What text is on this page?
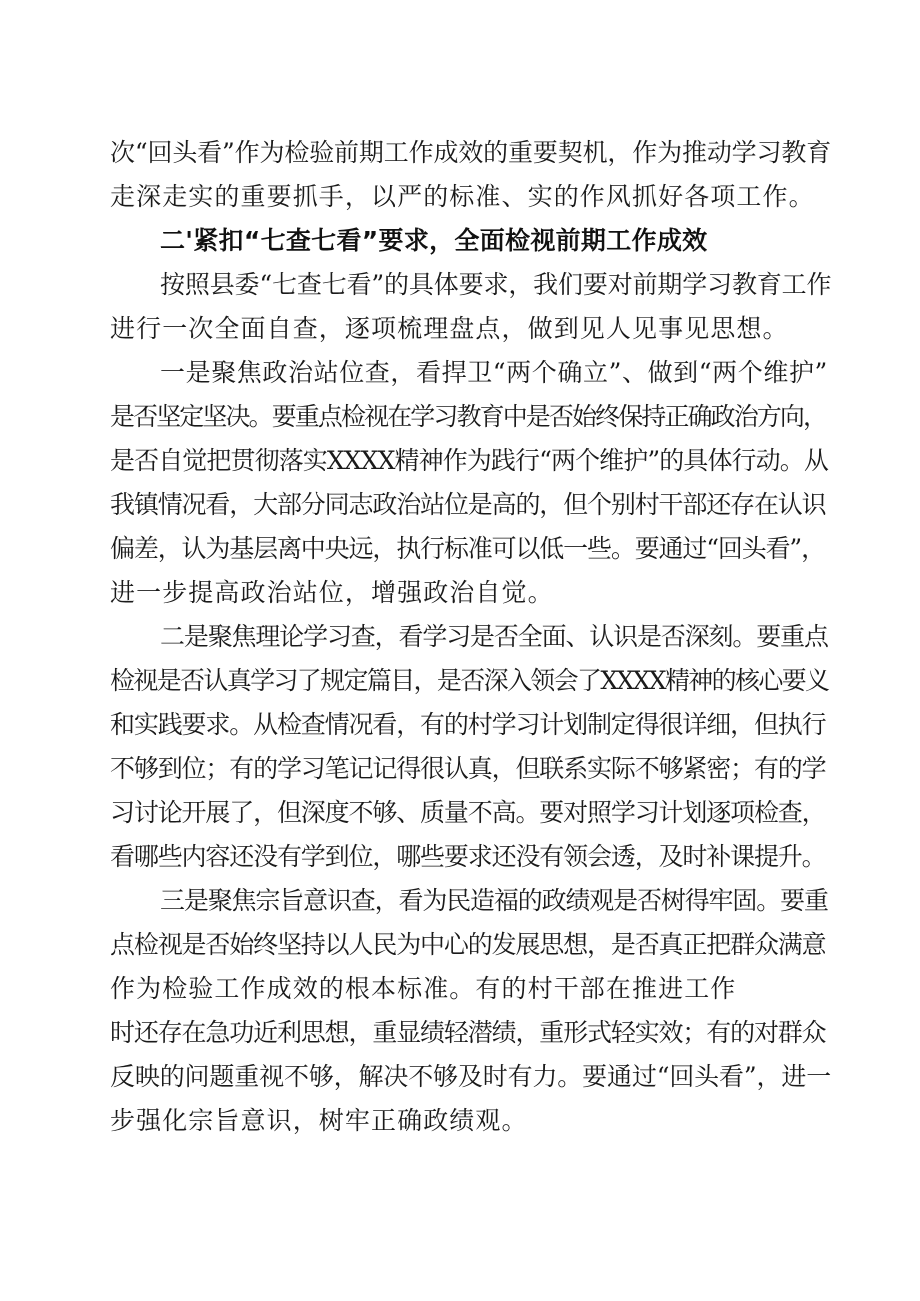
次“回头看”作为检验前期工作成效的重要契机，作为推动学习教育
走深走实的重要抓手，以严的标准、实的作风抓好各项工作。
二'紧扣“七查七看”要求，全面检视前期工作成效
按照县委“七查七看”的具体要求，我们要对前期学习教育工作
进行一次全面自查，逐项梳理盘点，做到见人见事见思想。
一是聚焦政治站位查，看捍卫“两个确立”、做到“两个维护”
是否坚定坚决。要重点检视在学习教育中是否始终保持正确政治方向，
是否自觉把贯彻落实XXXX精神作为践行“两个维护”的具体行动。从
我镇情况看，大部分同志政治站位是高的，但个别村干部还存在认识
偏差，认为基层离中央远，执行标准可以低一些。要通过“回头看”，
进一步提高政治站位，增强政治自觉。
二是聚焦理论学习查，看学习是否全面、认识是否深刻。要重点
检视是否认真学习了规定篇目，是否深入领会了XXXX精神的核心要义
和实践要求。从检查情况看，有的村学习计划制定得很详细，但执行
不够到位；有的学习笔记记得很认真，但联系实际不够紧密；有的学
习讨论开展了，但深度不够、质量不高。要对照学习计划逐项检查，
看哪些内容还没有学到位，哪些要求还没有领会透，及时补课提升。
三是聚焦宗旨意识查，看为民造福的政绩观是否树得牢固。要重
点检视是否始终坚持以人民为中心的发展思想，是否真正把群众满意
作为检验工作成效的根本标准。有的村干部在推进工作
时还存在急功近利思想，重显绩轻潜绩，重形式轻实效；有的对群众
反映的问题重视不够，解决不够及时有力。要通过“回头看”，进一
步强化宗旨意识，树牢正确政绩观。
